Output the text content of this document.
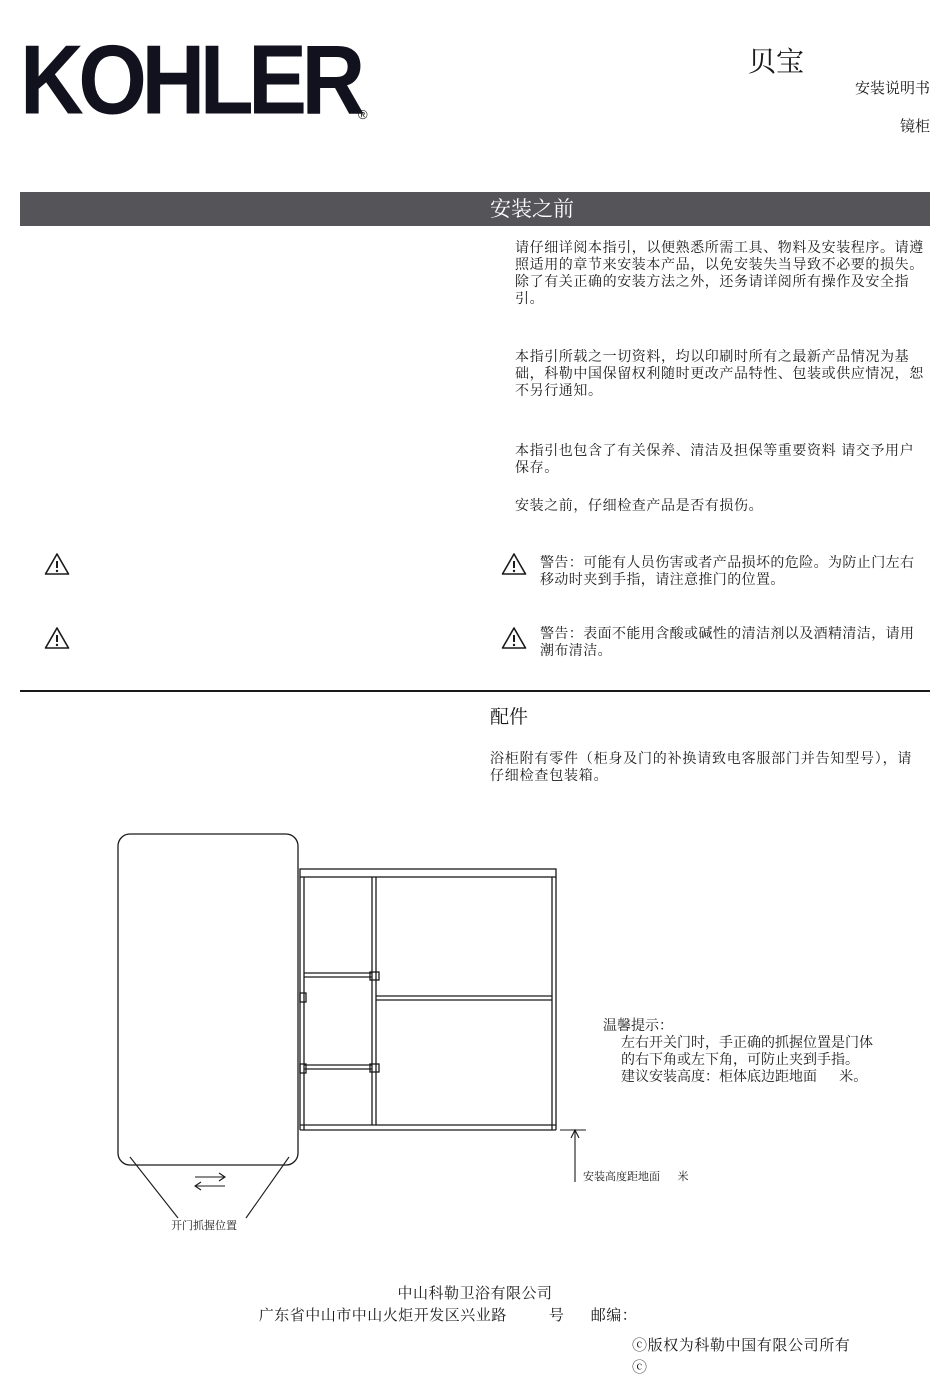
KOHLER
®
贝宝
安装说明书
镜柜
安装之前
请仔细详阅本指引，以便熟悉所需工具、物料及安装程序。请遵照适用的章节来安装本产品，以免安装失当导致不必要的损失。除了有关正确的安装方法之外，还务请详阅所有操作及安全指引。
本指引所载之一切资料，均以印刷时所有之最新产品情况为基础，科勒中国保留权利随时更改产品特性、包装或供应情况，恕不另行通知。
本指引也包含了有关保养、清洁及担保等重要资料 请交予用户保存。
安装之前，仔细检查产品是否有损伤。
警告：可能有人员伤害或者产品损坏的危险。为防止门左右移动时夹到手指，请注意推门的位置。
警告：表面不能用含酸或碱性的清洁剂以及酒精清洁，请用潮布清洁。
配件
浴柜附有零件（柜身及门的补换请致电客服部门并告知型号），请仔细检查包装箱。
温馨提示：
左右开关门时，手正确的抓握位置是门体
的右下角或左下角，可防止夹到手指。
建议安装高度：柜体底边距地面     米。
安装高度距地面     米
开门抓握位置
中山科勒卫浴有限公司
广东省中山市中山火炬开发区兴业路        号     邮编：
ⓒ版权为科勒中国有限公司所有
ⓒ
